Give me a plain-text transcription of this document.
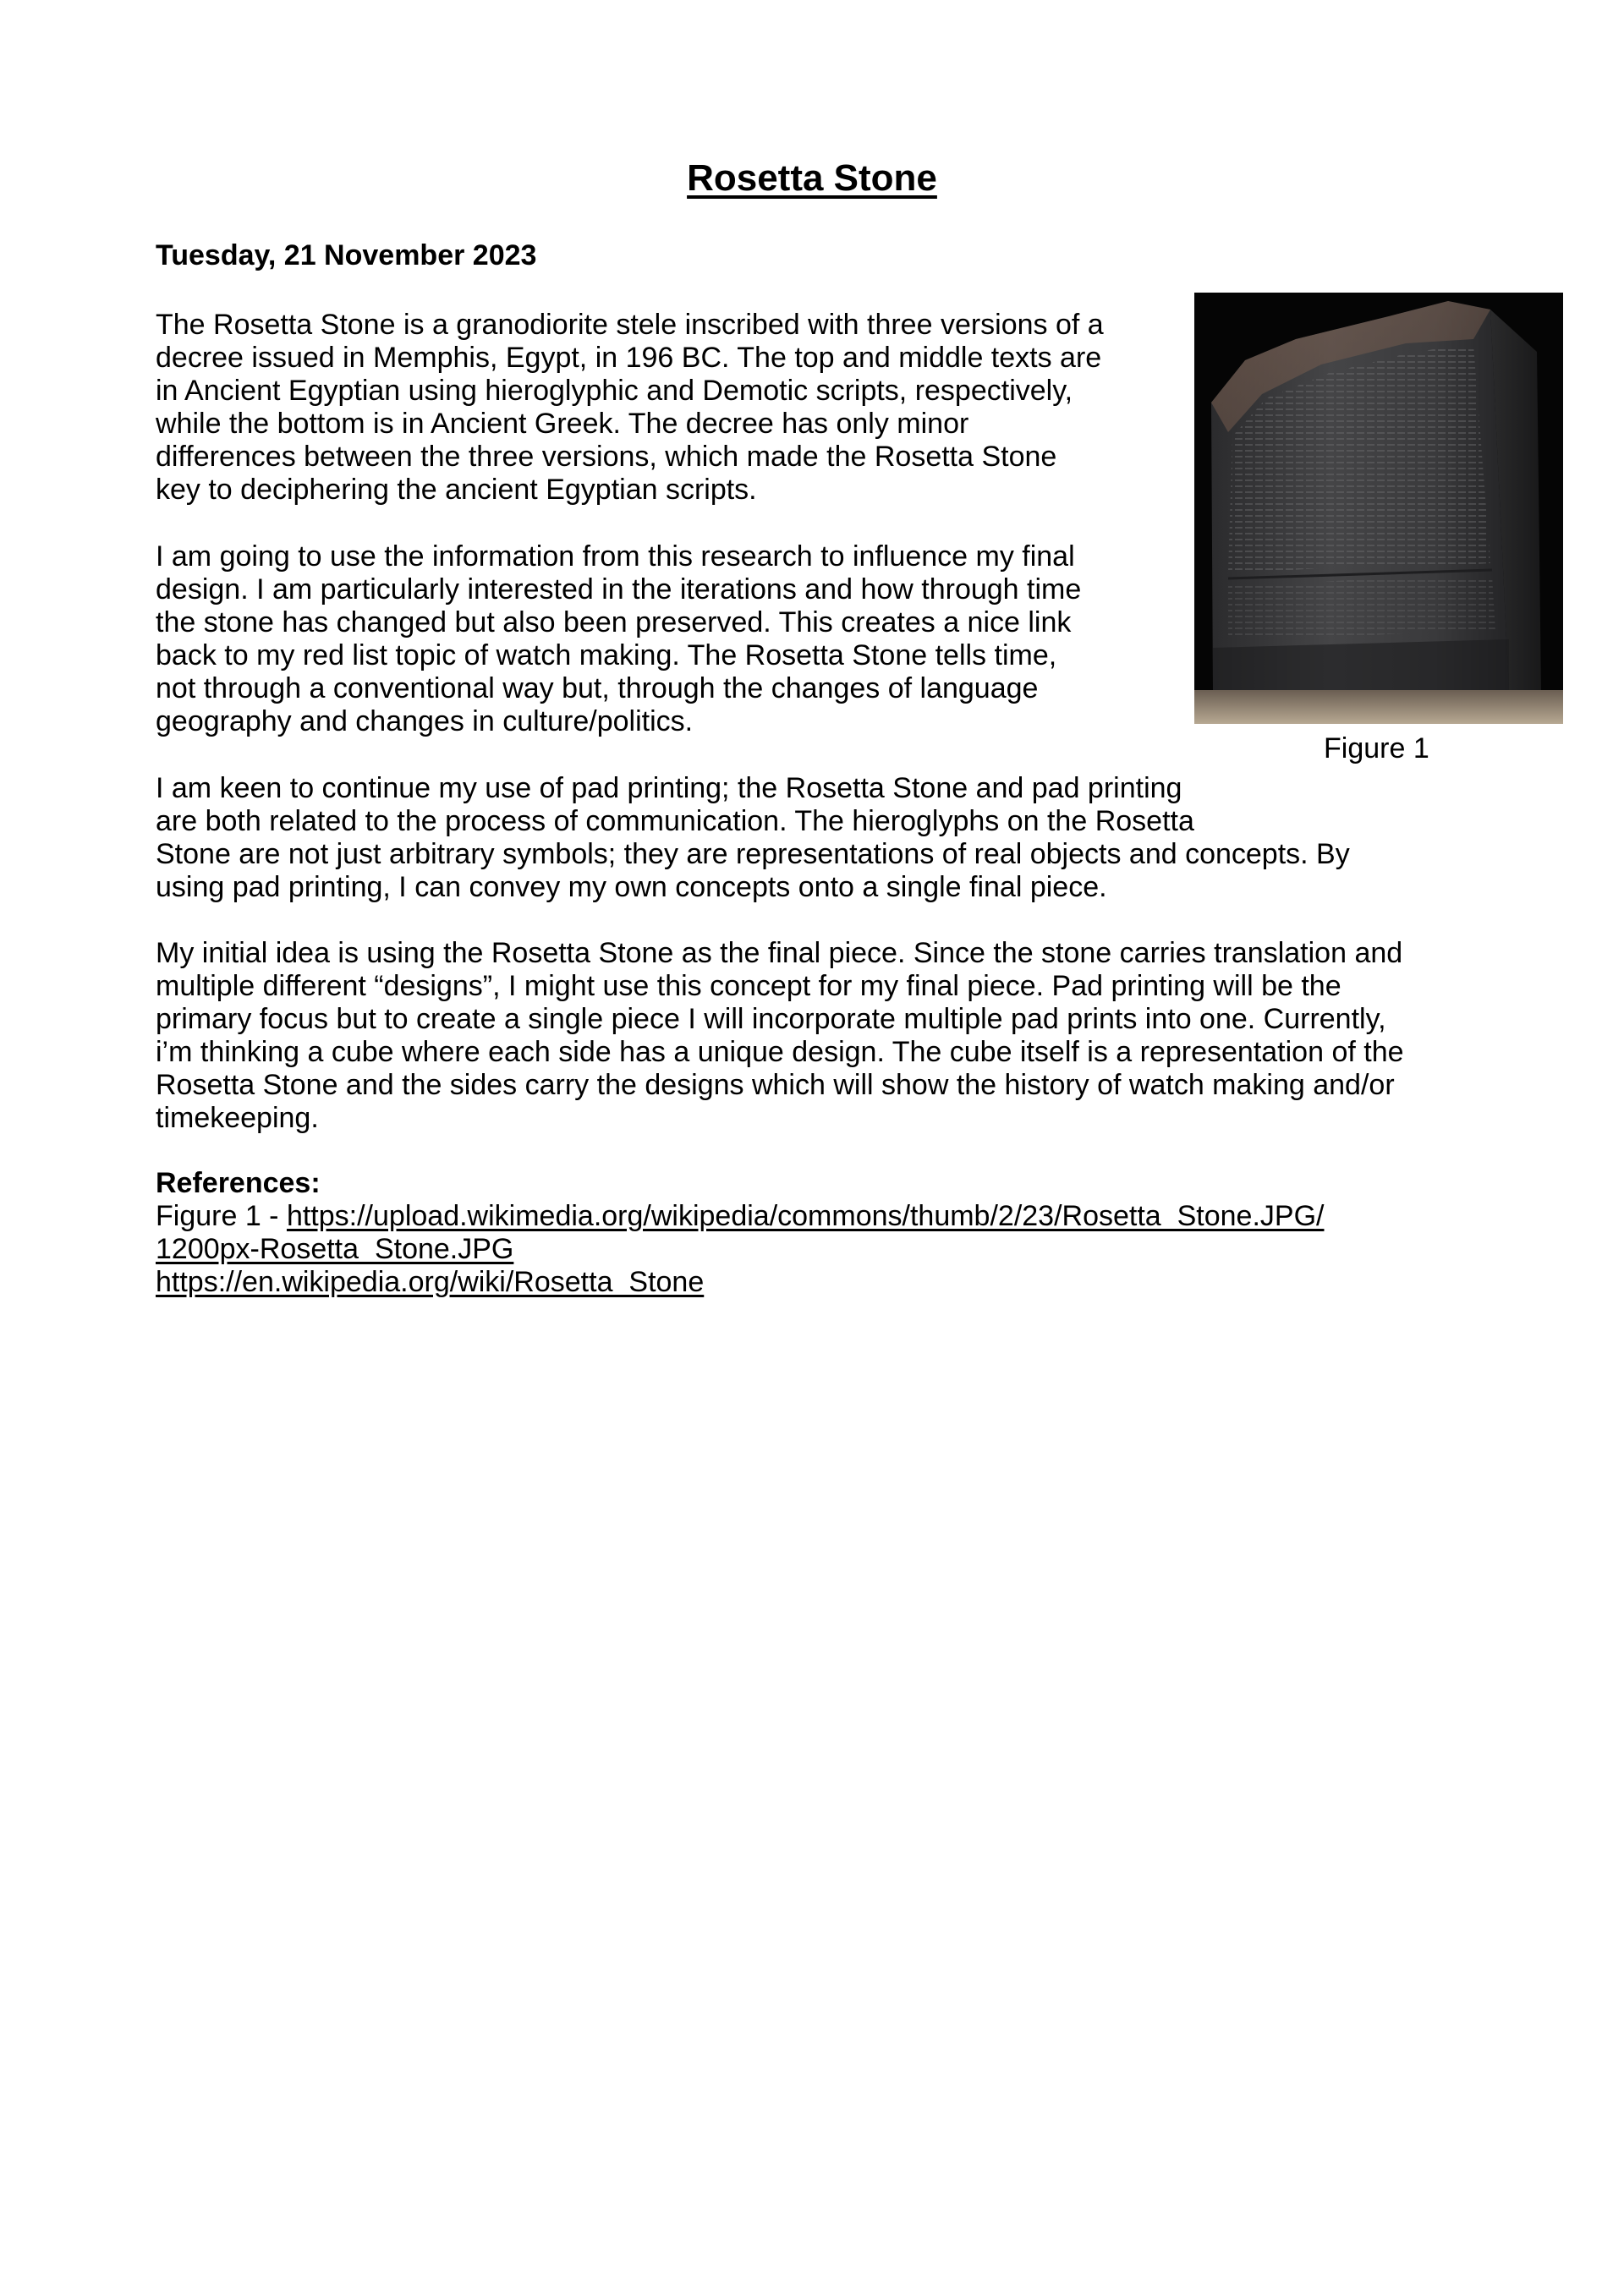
Rosetta Stone

Tuesday, 21 November 2023

The Rosetta Stone is a granodiorite stele inscribed with three versions of a
decree issued in Memphis, Egypt, in 196 BC. The top and middle texts are
in Ancient Egyptian using hieroglyphic and Demotic scripts, respectively,
while the bottom is in Ancient Greek. The decree has only minor
differences between the three versions, which made the Rosetta Stone
key to deciphering the ancient Egyptian scripts.

I am going to use the information from this research to influence my final
design. I am particularly interested in the iterations and how through time
the stone has changed but also been preserved. This creates a nice link
back to my red list topic of watch making. The Rosetta Stone tells time,
not through a conventional way but, through the changes of language
geography and changes in culture/politics.

Figure 1

I am keen to continue my use of pad printing; the Rosetta Stone and pad printing
are both related to the process of communication. The hieroglyphs on the Rosetta
Stone are not just arbitrary symbols; they are representations of real objects and concepts. By
using pad printing, I can convey my own concepts onto a single final piece.

My initial idea is using the Rosetta Stone as the final piece. Since the stone carries translation and
multiple different “designs”, I might use this concept for my final piece. Pad printing will be the
primary focus but to create a single piece I will incorporate multiple pad prints into one. Currently,
i’m thinking a cube where each side has a unique design. The cube itself is a representation of the
Rosetta Stone and the sides carry the designs which will show the history of watch making and/or
timekeeping.

References:

Figure 1 - https://upload.wikimedia.org/wikipedia/commons/thumb/2/23/Rosetta_Stone.JPG/
1200px-Rosetta_Stone.JPG
https://en.wikipedia.org/wiki/Rosetta_Stone
